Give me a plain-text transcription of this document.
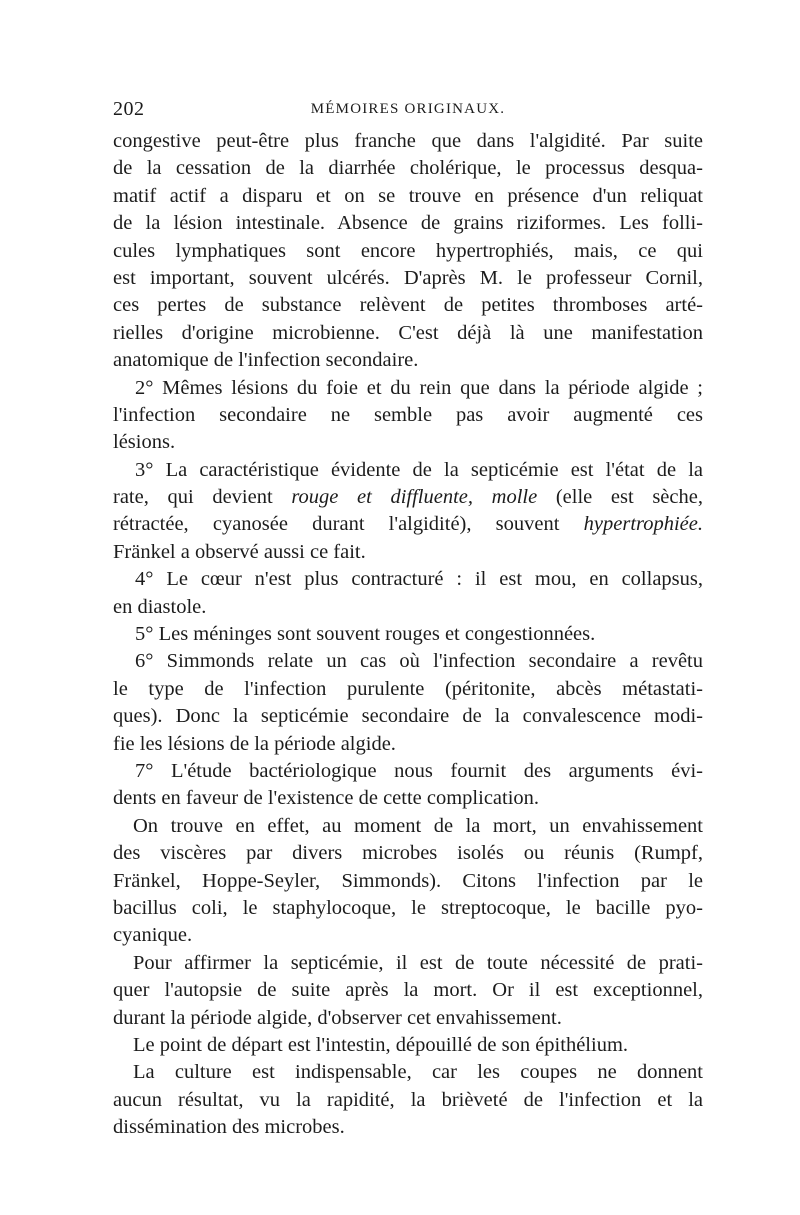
202	MÉMOIRES ORIGINAUX.
congestive peut-être plus franche que dans l'algidité. Par suite
de la cessation de la diarrhée cholérique, le processus desqua-
matif actif a disparu et on se trouve en présence d'un reliquat
de la lésion intestinale. Absence de grains riziformes. Les folli-
cules lymphatiques sont encore hypertrophiés, mais, ce qui
est important, souvent ulcérés. D'après M. le professeur Cornil,
ces pertes de substance relèvent de petites thromboses arté-
rielles d'origine microbienne. C'est déjà là une manifestation
anatomique de l'infection secondaire.
2° Mêmes lésions du foie et du rein que dans la période algide ;
l'infection secondaire ne semble pas avoir augmenté ces
lésions.
3° La caractéristique évidente de la septicémie est l'état de la
rate, qui devient rouge et diffluente, molle (elle est sèche,
rétractée, cyanosée durant l'algidité), souvent hypertrophiée.
Fränkel a observé aussi ce fait.
4° Le cœur n'est plus contracturé : il est mou, en collapsus,
en diastole.
5° Les méninges sont souvent rouges et congestionnées.
6° Simmonds relate un cas où l'infection secondaire a revêtu
le type de l'infection purulente (péritonite, abcès métastati-
ques). Donc la septicémie secondaire de la convalescence modi-
fie les lésions de la période algide.
7° L'étude bactériologique nous fournit des arguments évi-
dents en faveur de l'existence de cette complication.
On trouve en effet, au moment de la mort, un envahissement
des viscères par divers microbes isolés ou réunis (Rumpf,
Fränkel, Hoppe-Seyler, Simmonds). Citons l'infection par le
bacillus coli, le staphylocoque, le streptocoque, le bacille pyo-
cyanique.
Pour affirmer la septicémie, il est de toute nécessité de prati-
quer l'autopsie de suite après la mort. Or il est exceptionnel,
durant la période algide, d'observer cet envahissement.
Le point de départ est l'intestin, dépouillé de son épithélium.
La culture est indispensable, car les coupes ne donnent
aucun résultat, vu la rapidité, la brièveté de l'infection et la
dissémination des microbes.
